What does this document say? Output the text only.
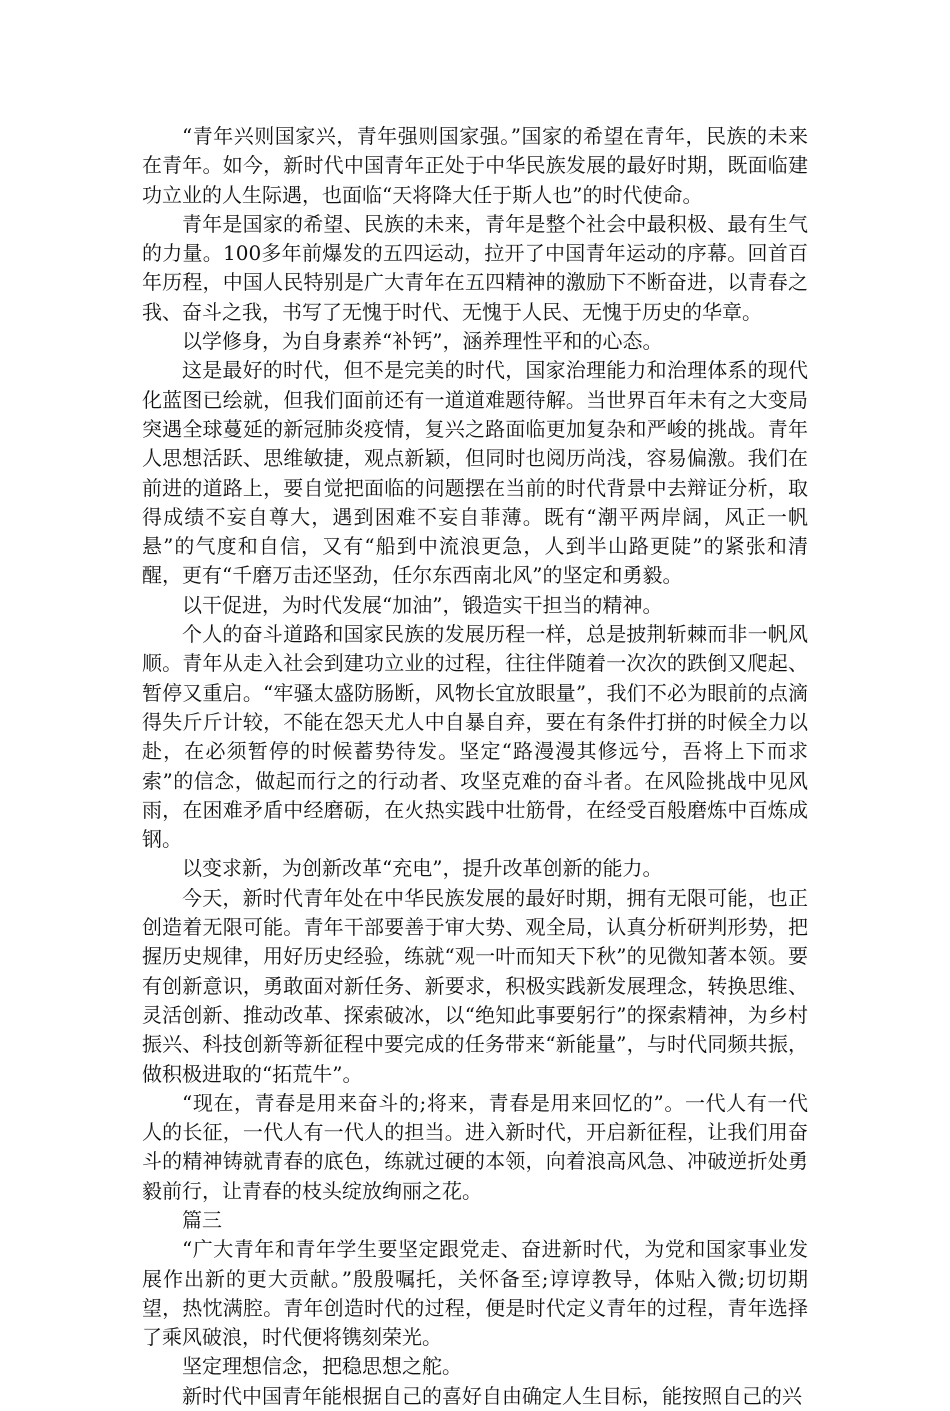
“青年兴则国家兴，青年强则国家强。”国家的希望在青年，民族的未来在青年。如今，新时代中国青年正处于中华民族发展的最好时期，既面临建功立业的人生际遇，也面临“天将降大任于斯人也”的时代使命。

青年是国家的希望、民族的未来，青年是整个社会中最积极、最有生气的力量。100多年前爆发的五四运动，拉开了中国青年运动的序幕。回首百年历程，中国人民特别是广大青年在五四精神的激励下不断奋进，以青春之我、奋斗之我，书写了无愧于时代、无愧于人民、无愧于历史的华章。

以学修身，为自身素养“补钙”，涵养理性平和的心态。

这是最好的时代，但不是完美的时代，国家治理能力和治理体系的现代化蓝图已绘就，但我们面前还有一道道难题待解。当世界百年未有之大变局突遇全球蔓延的新冠肺炎疫情，复兴之路面临更加复杂和严峻的挑战。青年人思想活跃、思维敏捷，观点新颖，但同时也阅历尚浅，容易偏激。我们在前进的道路上，要自觉把面临的问题摆在当前的时代背景中去辩证分析，取得成绩不妄自尊大，遇到困难不妄自菲薄。既有“潮平两岸阔，风正一帆悬”的气度和自信，又有“船到中流浪更急，人到半山路更陡”的紧张和清醒，更有“千磨万击还坚劲，任尔东西南北风”的坚定和勇毅。

以干促进，为时代发展“加油”，锻造实干担当的精神。

个人的奋斗道路和国家民族的发展历程一样，总是披荆斩棘而非一帆风顺。青年从走入社会到建功立业的过程，往往伴随着一次次的跌倒又爬起、暂停又重启。“牢骚太盛防肠断，风物长宜放眼量”，我们不必为眼前的点滴得失斤斤计较，不能在怨天尤人中自暴自弃，要在有条件打拼的时候全力以赴，在必须暂停的时候蓄势待发。坚定“路漫漫其修远兮，吾将上下而求索”的信念，做起而行之的行动者、攻坚克难的奋斗者。在风险挑战中见风雨，在困难矛盾中经磨砺，在火热实践中壮筋骨，在经受百般磨炼中百炼成钢。

以变求新，为创新改革“充电”，提升改革创新的能力。

今天，新时代青年处在中华民族发展的最好时期，拥有无限可能，也正创造着无限可能。青年干部要善于审大势、观全局，认真分析研判形势，把握历史规律，用好历史经验，练就“观一叶而知天下秋”的见微知著本领。要有创新意识，勇敢面对新任务、新要求，积极实践新发展理念，转换思维、灵活创新、推动改革、探索破冰，以“绝知此事要躬行”的探索精神，为乡村振兴、科技创新等新征程中要完成的任务带来“新能量”，与时代同频共振，做积极进取的“拓荒牛”。

“现在，青春是用来奋斗的;将来，青春是用来回忆的”。一代人有一代人的长征，一代人有一代人的担当。进入新时代，开启新征程，让我们用奋斗的精神铸就青春的底色，练就过硬的本领，向着浪高风急、冲破逆折处勇毅前行，让青春的枝头绽放绚丽之花。

篇三

“广大青年和青年学生要坚定跟党走、奋进新时代，为党和国家事业发展作出新的更大贡献。”殷殷嘱托，关怀备至;谆谆教导，体贴入微;切切期望，热忱满腔。青年创造时代的过程，便是时代定义青年的过程，青年选择了乘风破浪，时代便将镌刻荣光。

坚定理想信念，把稳思想之舵。

新时代中国青年能根据自己的喜好自由确定人生目标，能按照自己的兴
